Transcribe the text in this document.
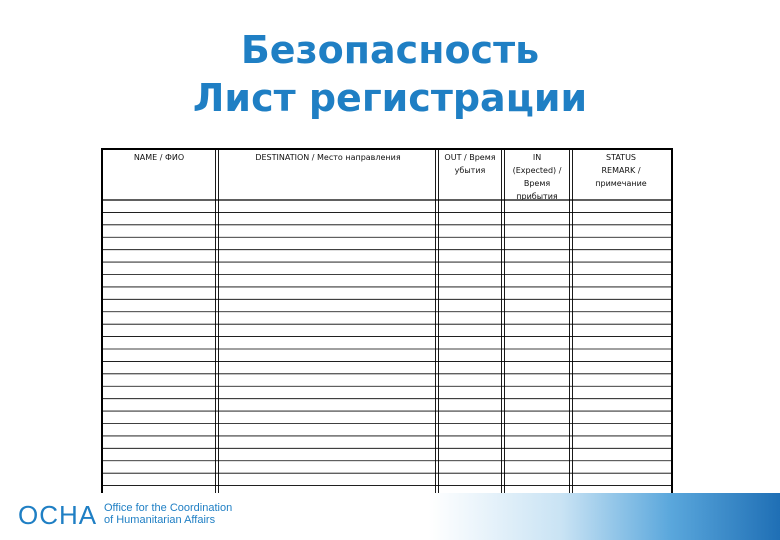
Безопасность
Лист регистрации
NAME / ФИО	DESTINATION / Место направления	OUT / Время
убытия
IN
(Expected) /
Время
прибытия
STATUS
REMARK /
примечание
OCHA Office for the Coordination
of Humanitarian Affairs
